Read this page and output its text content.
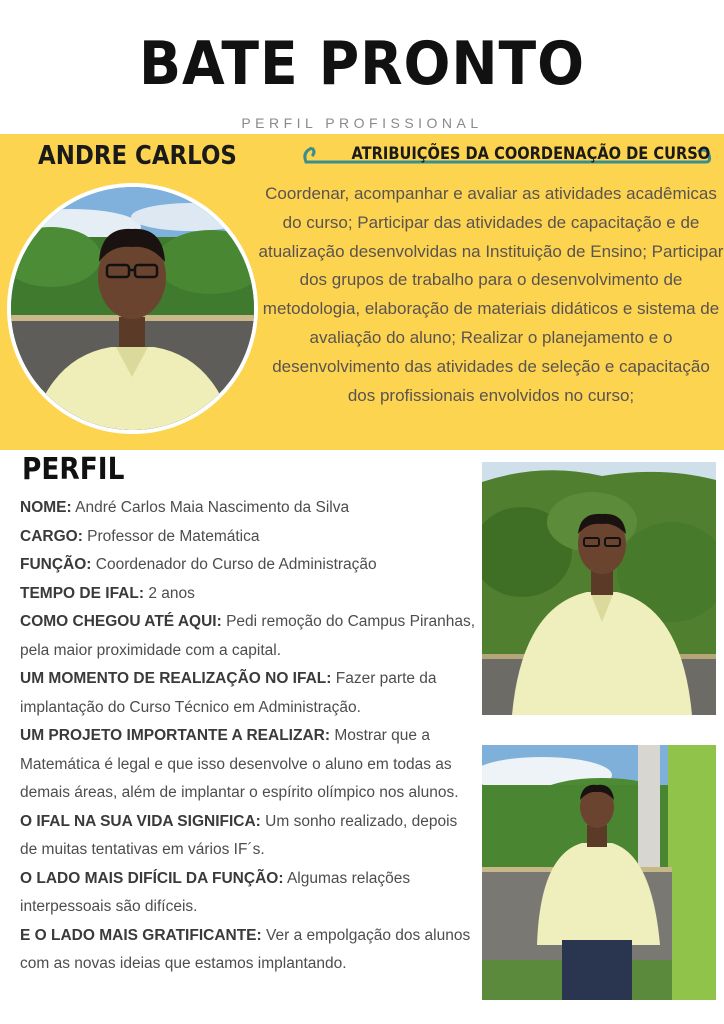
BATE PRONTO
PERFIL PROFISSIONAL
ANDRE CARLOS	ATRIBUIÇÕES DA COORDENAÇÃO DE CURSO
Coordenar, acompanhar e avaliar as atividades acadêmicas do curso; Participar das atividades de capacitação e de atualização desenvolvidas na Instituição de Ensino; Participar dos grupos de trabalho para o desenvolvimento de metodologia, elaboração de materiais didáticos e sistema de avaliação do aluno; Realizar o planejamento e o desenvolvimento das atividades de seleção e capacitação dos profissionais envolvidos no curso;
PERFIL

NOME: André Carlos Maia Nascimento da Silva

CARGO: Professor de Matemática

FUNÇÃO: Coordenador do Curso de Administração

TEMPO DE IFAL: 2 anos

COMO CHEGOU ATÉ AQUI: Pedi remoção do Campus Piranhas, pela maior proximidade com a capital.

UM MOMENTO DE REALIZAÇÃO NO IFAL: Fazer parte da implantação do Curso Técnico em Administração.

UM PROJETO IMPORTANTE A REALIZAR: Mostrar que a Matemática é legal e que isso desenvolve o aluno em todas as demais áreas, além de implantar o espírito olímpico nos alunos.

O IFAL NA SUA VIDA SIGNIFICA: Um sonho realizado, depois de muitas tentativas em vários IF´s.

O LADO MAIS DIFÍCIL DA FUNÇÃO: Algumas relações interpessoais são difíceis.

E O LADO MAIS GRATIFICANTE: Ver a empolgação dos alunos com as novas ideias que estamos implantando.
